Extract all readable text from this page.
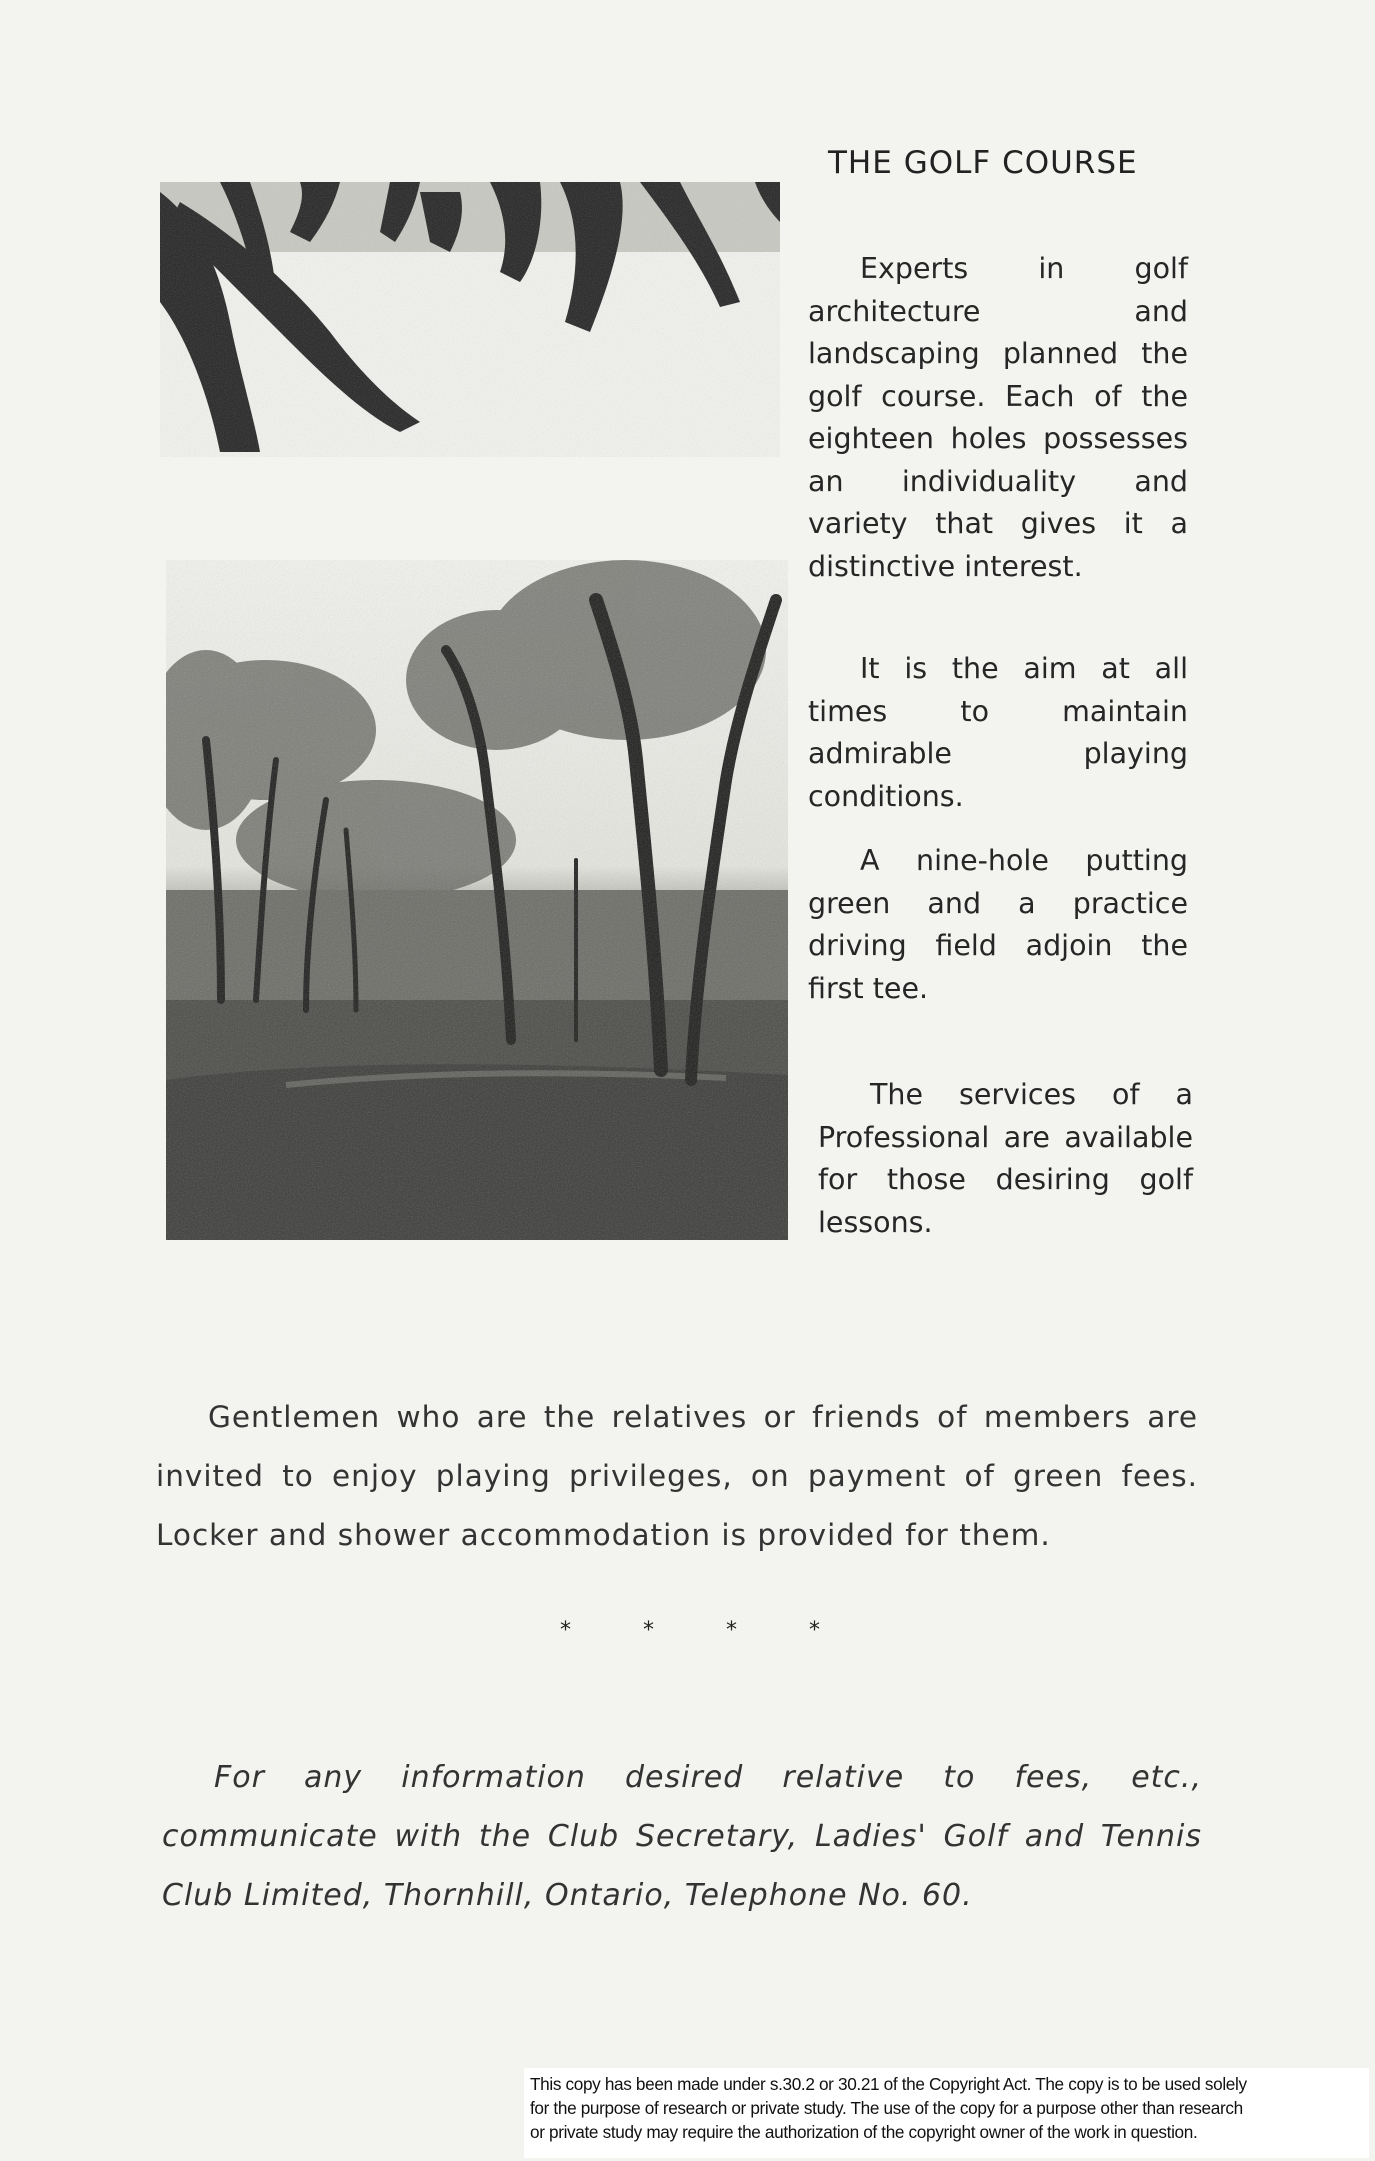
THE GOLF COURSE

Experts in golf architecture and landscaping planned the golf course. Each of the eighteen holes possesses an individuality and variety that gives it a distinctive interest.

It is the aim at all times to maintain admirable playing conditions.

A nine-hole putting green and a practice driving field adjoin the first tee.

The services of a Professional are available for those desiring golf lessons.

Gentlemen who are the relatives or friends of members are invited to enjoy playing privileges, on payment of green fees. Locker and shower accommodation is provided for them.

*	*	*	*

For any information desired relative to fees, etc., communicate with the Club Secretary, Ladies' Golf and Tennis Club Limited, Thornhill, Ontario, Telephone No. 60.

This copy has been made under s.30.2 or 30.21 of the Copyright Act. The copy is to be used solely
for the purpose of research or private study. The use of the copy for a purpose other than research
or private study may require the authorization of the copyright owner of the work in question.
